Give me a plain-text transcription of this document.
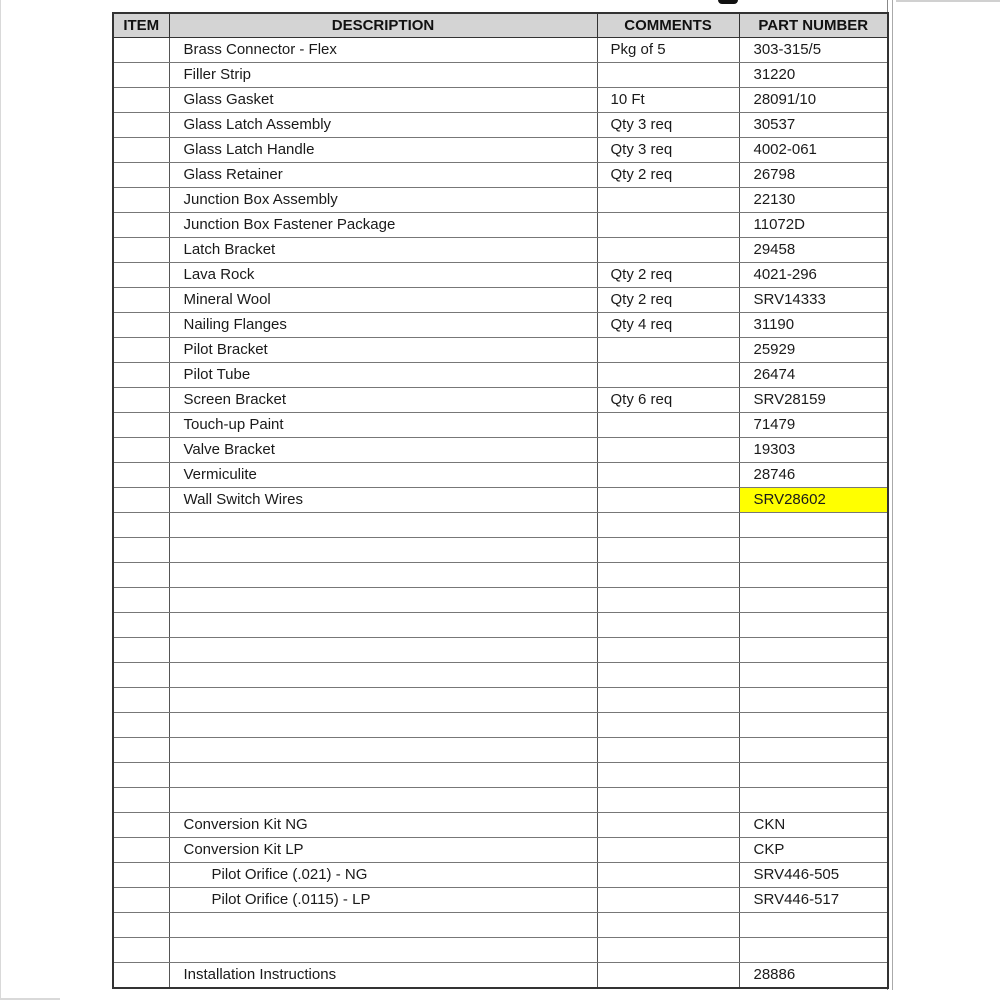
ITEM	DESCRIPTION	COMMENTS	PART NUMBER
	Brass Connector - Flex	Pkg of 5	303-315/5
	Filler Strip		31220
	Glass Gasket	10 Ft	28091/10
	Glass Latch Assembly	Qty 3 req	30537
	Glass Latch Handle	Qty 3 req	4002-061
	Glass Retainer	Qty 2 req	26798
	Junction Box Assembly		22130
	Junction Box Fastener Package		11072D
	Latch Bracket		29458
	Lava Rock	Qty 2 req	4021-296
	Mineral Wool	Qty 2 req	SRV14333
	Nailing Flanges	Qty 4 req	31190
	Pilot Bracket		25929
	Pilot Tube		26474
	Screen Bracket	Qty 6 req	SRV28159
	Touch-up Paint		71479
	Valve Bracket		19303
	Vermiculite		28746
	Wall Switch Wires		SRV28602

	Conversion Kit NG		CKN
	Conversion Kit LP		CKP
	Pilot Orifice (.021) - NG		SRV446-505
	Pilot Orifice (.0115) - LP		SRV446-517

	Installation Instructions		28886
